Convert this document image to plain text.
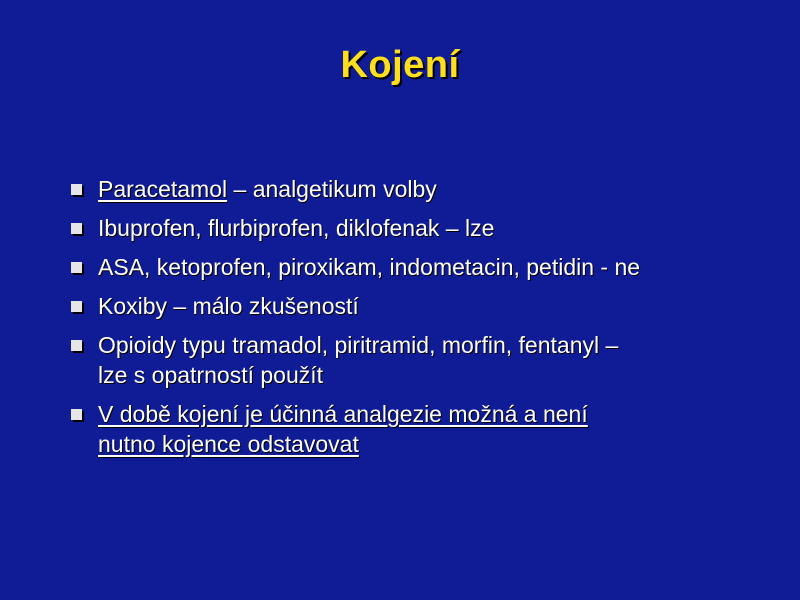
Kojení
Paracetamol – analgetikum volby
Ibuprofen, flurbiprofen, diklofenak – lze
ASA, ketoprofen, piroxikam, indometacin, petidin - ne
Koxiby – málo zkušeností
Opioidy typu tramadol, piritramid, morfin, fentanyl –
lze s opatrností použít
V době kojení je účinná analgezie možná a není
nutno kojence odstavovat
